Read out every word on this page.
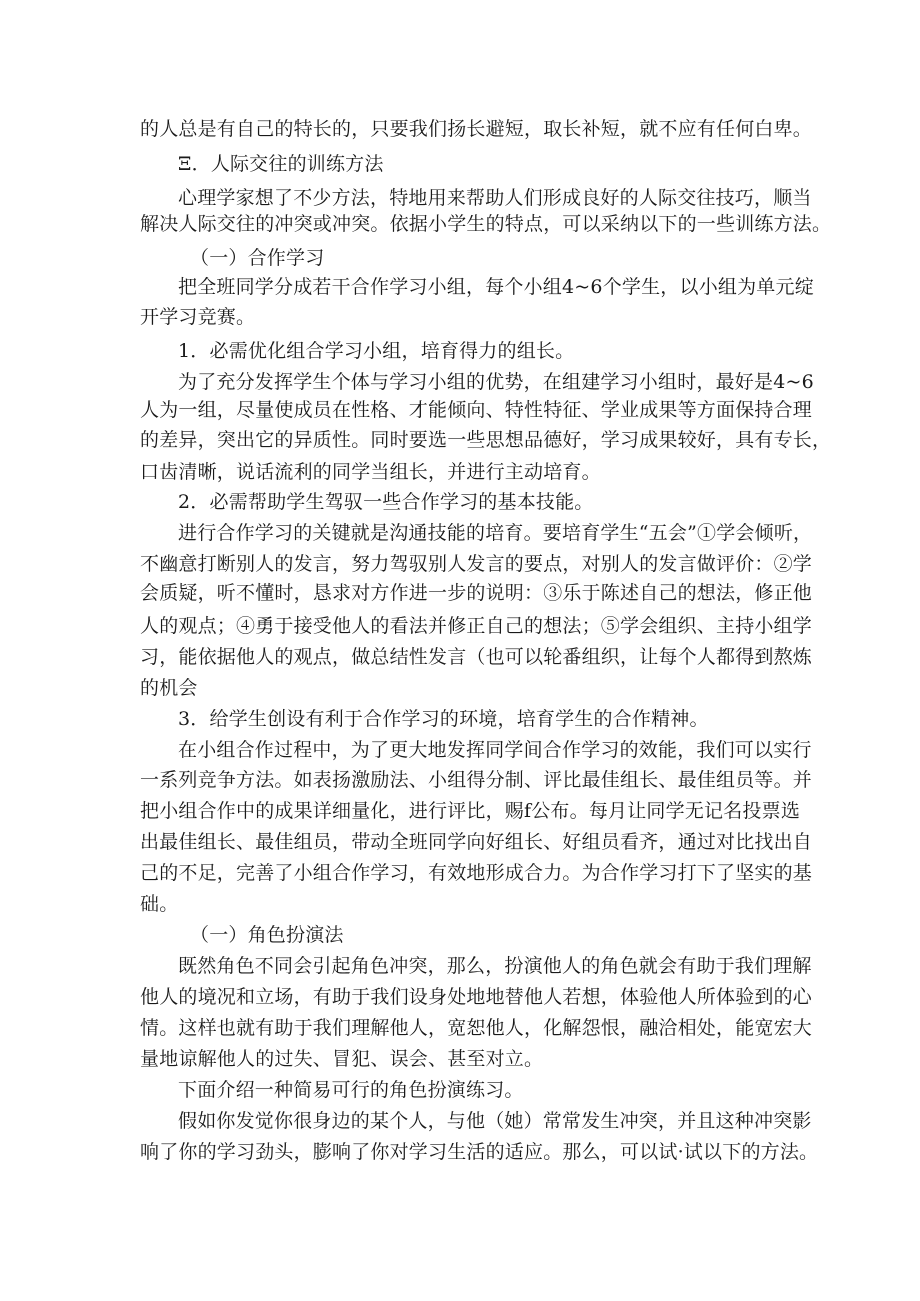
的人总是有自己的特长的，只要我们扬长避短，取长补短，就不应有任何白卑。
Ξ．人际交往的训练方法
心理学家想了不少方法，特地用来帮助人们形成良好的人际交往技巧，顺当
解决人际交往的冲突或冲突。依据小学生的特点，可以采纳以下的一些训练方法。
（一）合作学习
把全班同学分成若干合作学习小组，每个小组4~6个学生，以小组为单元绽
开学习竞赛。
1．必需优化组合学习小组，培育得力的组长。
为了充分发挥学生个体与学习小组的优势，在组建学习小组时，最好是4~6
人为一组，尽量使成员在性格、才能倾向、特性特征、学业成果等方面保持合理
的差异，突出它的异质性。同时要选一些思想品德好，学习成果较好，具有专长，
口齿清晰，说话流利的同学当组长，并进行主动培育。
2．必需帮助学生驾驭一些合作学习的基本技能。
进行合作学习的关键就是沟通技能的培育。要培育学生“五会”①学会倾听，
不幽意打断别人的发言，努力驾驭别人发言的要点，对别人的发言做评价：②学
会质疑，听不懂时，恳求对方作进一步的说明：③乐于陈述自己的想法，修正他
人的观点；④勇于接受他人的看法并修正自己的想法；⑤学会组织、主持小组学
习，能依据他人的观点，做总结性发言（也可以轮番组织，让每个人都得到熬炼
的机会
3．给学生创设有利于合作学习的环境，培育学生的合作精神。
在小组合作过程中，为了更大地发挥同学间合作学习的效能，我们可以实行
一系列竞争方法。如表扬激励法、小组得分制、评比最佳组长、最佳组员等。并
把小组合作中的成果详细量化，进行评比，赐f公布。每月让同学无记名投票选
出最佳组长、最佳组员，带动全班同学向好组长、好组员看齐，通过对比找出自
己的不足，完善了小组合作学习，有效地形成合力。为合作学习打下了坚实的基
础。
（一）角色扮演法
既然角色不同会引起角色冲突，那么，扮演他人的角色就会有助于我们理解
他人的境况和立场，有助于我们设身处地地替他人若想，体验他人所体验到的心
情。这样也就有助于我们理解他人，宽恕他人，化解怨恨，融洽相处，能宽宏大
量地谅解他人的过失、冒犯、误会、甚至对立。
下面介绍一种简易可行的角色扮演练习。
假如你发觉你很身边的某个人，与他（她）常常发生冲突，并且这种冲突影
响了你的学习劲头，膨响了你对学习生活的适应。那么，可以试·试以下的方法。
